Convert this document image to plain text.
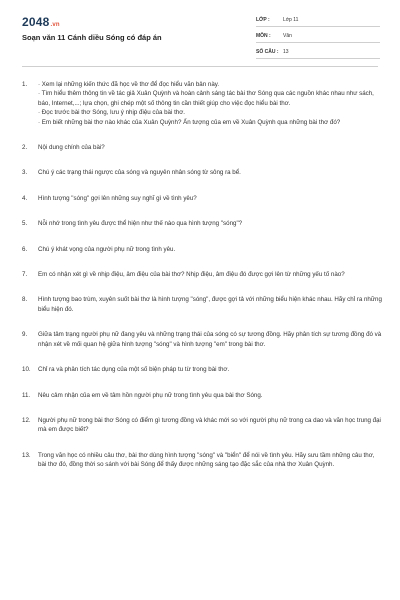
2048.vn
Soạn văn 11 Cánh diều Sóng có đáp án
LỚP :	Lớp 11
MÔN :	Văn
SỐ CÂU : 13
1.	· Xem lại những kiến thức đã học về thơ để đọc hiểu văn bản này.
· Tìm hiểu thêm thông tin về tác giả Xuân Quỳnh và hoàn cảnh sáng tác bài thơ Sóng qua các nguồn khác nhau như sách, báo, Internet,...; lựa chọn, ghi chép một số thông tin cần thiết giúp cho việc đọc hiểu bài thơ.
· Đọc trước bài thơ Sóng, lưu ý nhịp điệu của bài thơ.
· Em biết những bài thơ nào khác của Xuân Quỳnh? Ấn tượng của em về Xuân Quỳnh qua những bài thơ đó?
2.	Nội dung chính của bài?
3.	Chú ý các trạng thái ngược của sóng và nguyên nhân sóng từ sông ra bể.
4.	Hình tượng "sóng" gợi lên những suy nghĩ gì về tình yêu?
5.	Nỗi nhớ trong tình yêu được thể hiện như thế nào qua hình tượng "sóng"?
6.	Chú ý khát vọng của người phụ nữ trong tình yêu.
7.	Em có nhận xét gì về nhịp điệu, âm điệu của bài thơ? Nhịp điệu, âm điệu đó được gợi lên từ những yếu tố nào?
8.	Hình tượng bao trùm, xuyên suốt bài thơ là hình tượng "sóng", được gợi tả với những biểu hiện khác nhau. Hãy chỉ ra những biểu hiện đó.
9.	Giữa tâm trạng người phụ nữ đang yêu và những trạng thái của sóng có sự tương đồng. Hãy phân tích sự tương đồng đó và nhận xét về mối quan hệ giữa hình tượng "sóng" và hình tượng "em" trong bài thơ.
10.	Chỉ ra và phân tích tác dụng của một số biện pháp tu từ trong bài thơ.
11.	Nêu cảm nhận của em về tâm hồn người phụ nữ trong tình yêu qua bài thơ Sóng.
12.	Người phụ nữ trong bài thơ Sóng có điểm gì tương đồng và khác mới so với người phụ nữ trong ca dao và văn học trung đại mà em được biết?
13.	Trong văn học có nhiều câu thơ, bài thơ dùng hình tượng "sóng" và "biển" để nói về tình yêu. Hãy sưu tầm những câu thơ, bài thơ đó, đồng thời so sánh với bài Sóng để thấy được những sáng tạo đặc sắc của nhà thơ Xuân Quỳnh.
